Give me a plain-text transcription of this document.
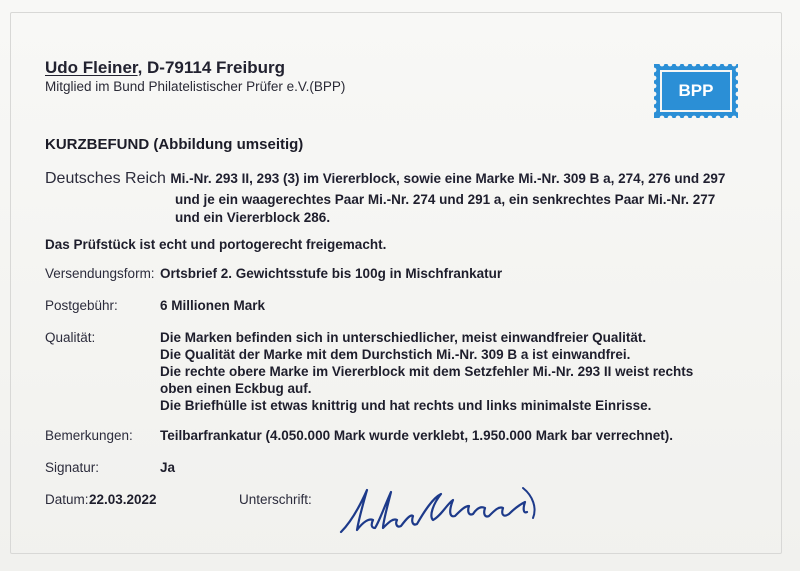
Udo Fleiner, D-79114 Freiburg
Mitglied im Bund Philatelistischer Prüfer e.V.(BPP)	BPP
KURZBEFUND (Abbildung umseitig)
Deutsches Reich Mi.-Nr. 293 II, 293 (3) im Viererblock, sowie eine Marke Mi.-Nr. 309 B a, 274, 276 und 297
und je ein waagerechtes Paar Mi.-Nr. 274 und 291 a, ein senkrechtes Paar Mi.-Nr. 277
und ein Viererblock 286.
Das Prüfstück ist echt und portogerecht freigemacht.
Versendungsform: Ortsbrief 2. Gewichtsstufe bis 100g in Mischfrankatur
Postgebühr:	6 Millionen Mark
Qualität:	Die Marken befinden sich in unterschiedlicher, meist einwandfreier Qualität.
Die Qualität der Marke mit dem Durchstich Mi.-Nr. 309 B a ist einwandfrei.
Die rechte obere Marke im Viererblock mit dem Setzfehler Mi.-Nr. 293 II weist rechts
oben einen Eckbug auf.
Die Briefhülle ist etwas knittrig und hat rechts und links minimalste Einrisse.
Bemerkungen: Teilbarfrankatur (4.050.000 Mark wurde verklebt, 1.950.000 Mark bar verrechnet).
Signatur:	Ja
Datum: 22.03.2022	Unterschrift:
